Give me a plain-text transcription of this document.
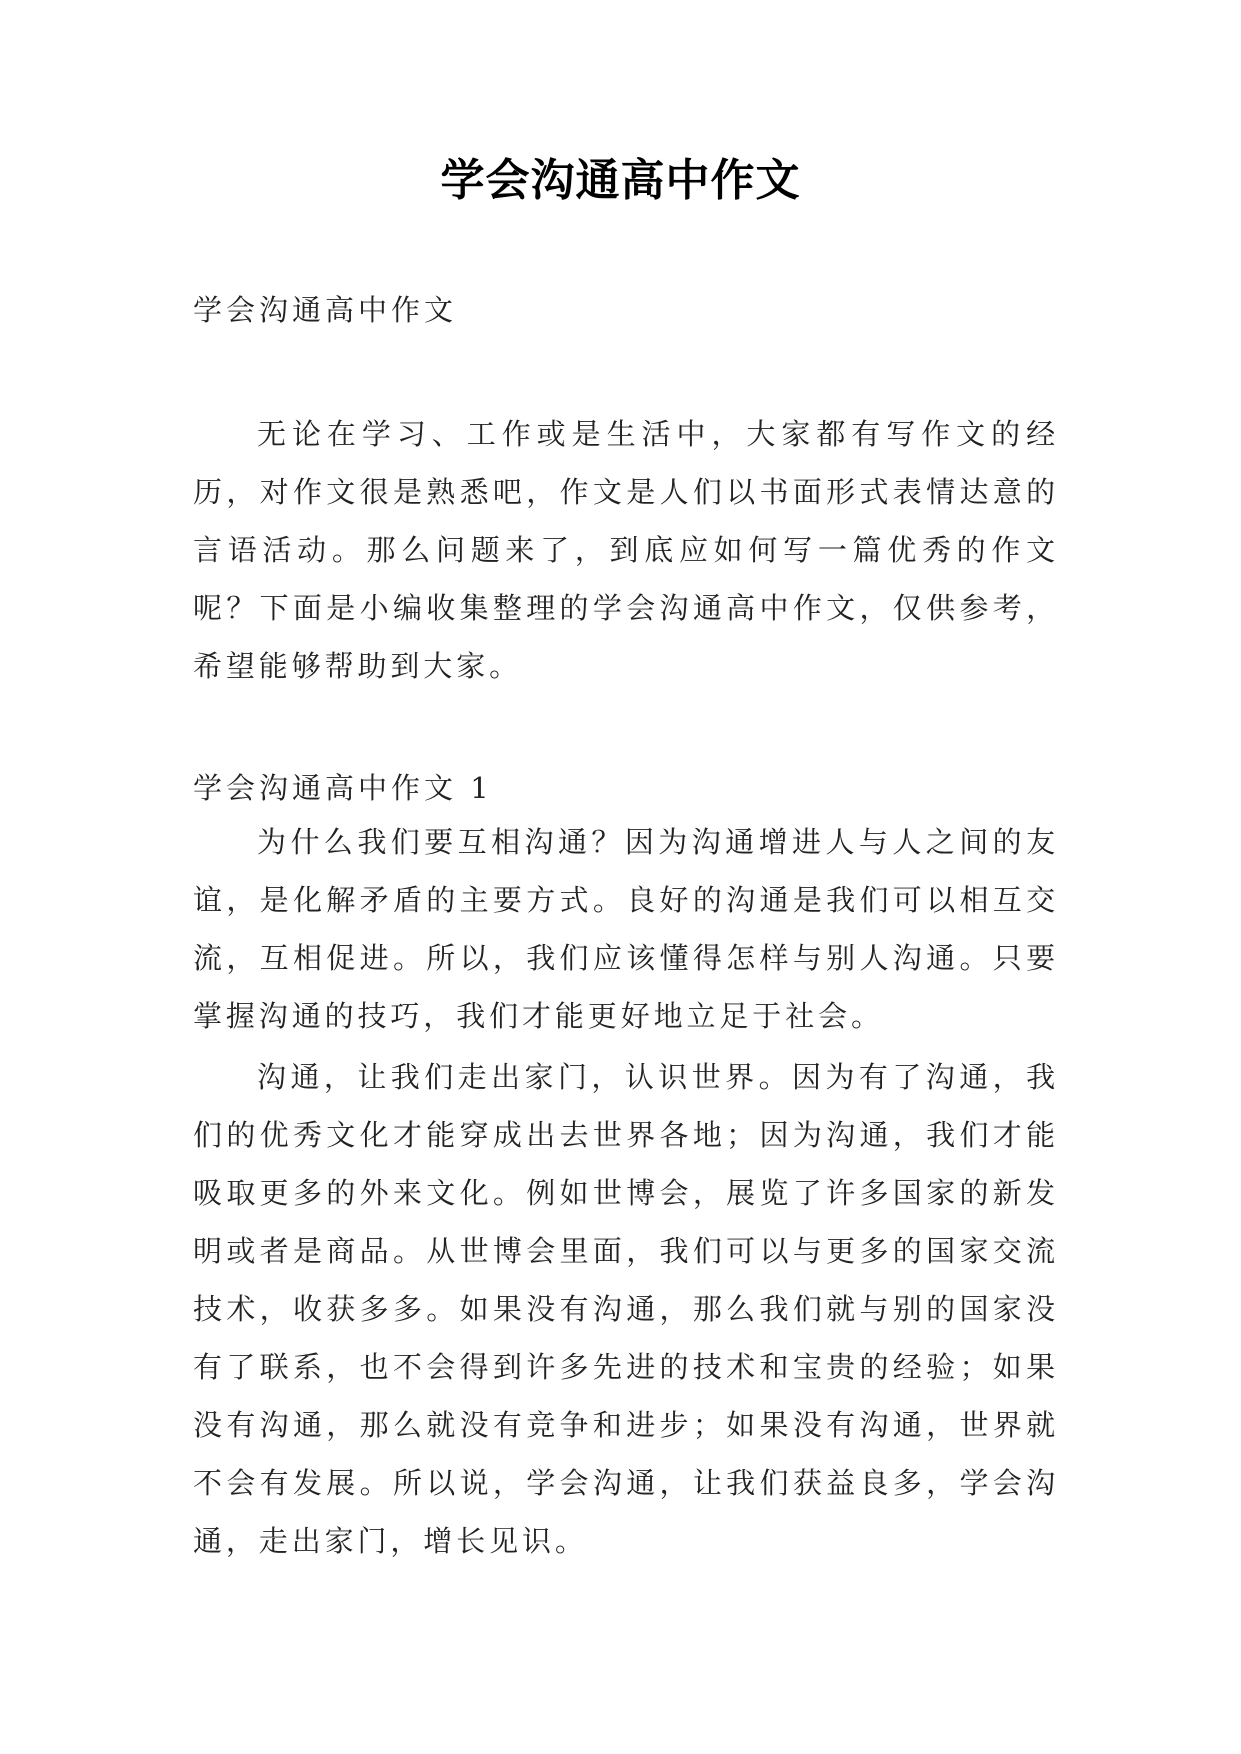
学会沟通高中作文

学会沟通高中作文

无论在学习、工作或是生活中，大家都有写作文的经历，对作文很是熟悉吧，作文是人们以书面形式表情达意的言语活动。那么问题来了，到底应如何写一篇优秀的作文呢？下面是小编收集整理的学会沟通高中作文，仅供参考，希望能够帮助到大家。

学会沟通高中作文 1

为什么我们要互相沟通？因为沟通增进人与人之间的友谊，是化解矛盾的主要方式。良好的沟通是我们可以相互交流，互相促进。所以，我们应该懂得怎样与别人沟通。只要掌握沟通的技巧，我们才能更好地立足于社会。

沟通，让我们走出家门，认识世界。因为有了沟通，我们的优秀文化才能穿成出去世界各地；因为沟通，我们才能吸取更多的外来文化。例如世博会，展览了许多国家的新发明或者是商品。从世博会里面，我们可以与更多的国家交流技术，收获多多。如果没有沟通，那么我们就与别的国家没有了联系，也不会得到许多先进的技术和宝贵的经验；如果没有沟通，那么就没有竞争和进步；如果没有沟通，世界就不会有发展。所以说，学会沟通，让我们获益良多，学会沟通，走出家门，增长见识。
